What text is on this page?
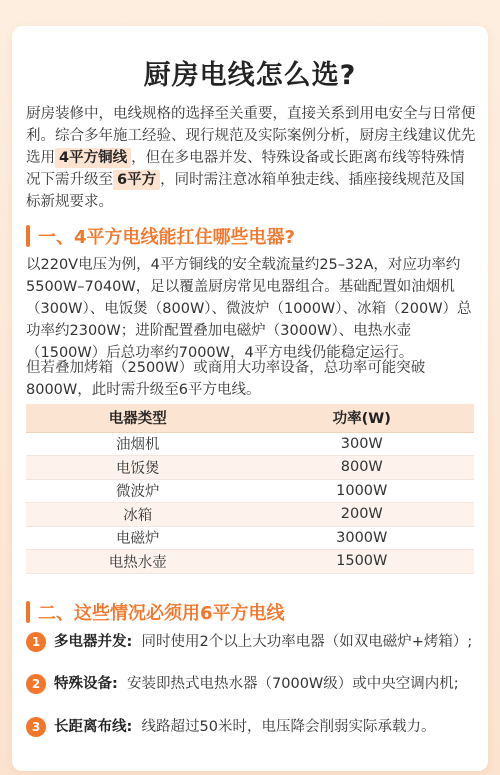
厨房电线怎么选?

厨房装修中，电线规格的选择至关重要，直接关系到用电安全与日常便利。综合多年施工经验、现行规范及实际案例分析，厨房主线建议优先选用 4平方铜线 ，但在多电器并发、特殊设备或长距离布线等特殊情况下需升级至 6平方 ，同时需注意冰箱单独走线、插座接线规范及国标新规要求。

一、4平方电线能扛住哪些电器?

以220V电压为例，4平方铜线的安全载流量约25–32A，对应功率约5500W–7040W，足以覆盖厨房常见电器组合。基础配置如油烟机（300W）、电饭煲（800W）、微波炉（1000W）、冰箱（200W）总功率约2300W；进阶配置叠加电磁炉（3000W）、电热水壶（1500W）后总功率约7000W，4平方电线仍能稳定运行。

但若叠加烤箱（2500W）或商用大功率设备，总功率可能突破8000W，此时需升级至6平方电线。

电器类型	功率(W)
油烟机	300W
电饭煲	800W
微波炉	1000W
冰箱	200W
电磁炉	3000W
电热水壶	1500W
二、这些情况必须用6平方电线
1 多电器并发: 同时使用2个以上大功率电器（如双电磁炉+烤箱）;
2 特殊设备: 安装即热式电热水器（7000W级）或中央空调内机;
3 长距离布线: 线路超过50米时，电压降会削弱实际承载力。
